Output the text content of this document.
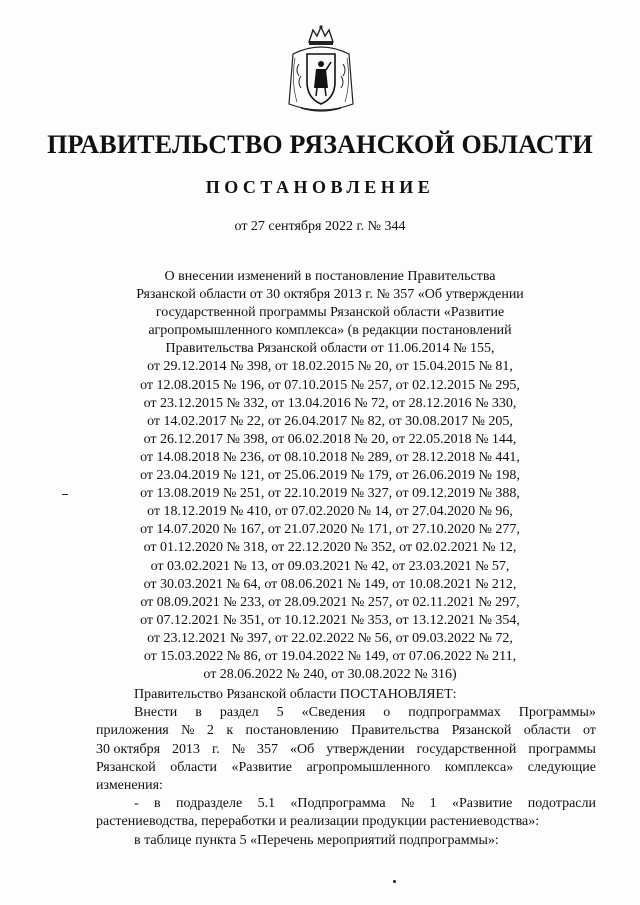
ПРАВИТЕЛЬСТВО РЯЗАНСКОЙ ОБЛАСТИ
ПОСТАНОВЛЕНИЕ
от 27 сентября 2022 г. № 344
О внесении изменений в постановление Правительства
Рязанской области от 30 октября 2013 г. № 357 «Об утверждении
государственной программы Рязанской области «Развитие
агропромышленного комплекса» (в редакции постановлений
Правительства Рязанской области от 11.06.2014 № 155,
от 29.12.2014 № 398, от 18.02.2015 № 20, от 15.04.2015 № 81,
от 12.08.2015 № 196, от 07.10.2015 № 257, от 02.12.2015 № 295,
от 23.12.2015 № 332, от 13.04.2016 № 72, от 28.12.2016 № 330,
от 14.02.2017 № 22, от 26.04.2017 № 82, от 30.08.2017 № 205,
от 26.12.2017 № 398, от 06.02.2018 № 20, от 22.05.2018 № 144,
от 14.08.2018 № 236, от 08.10.2018 № 289, от 28.12.2018 № 441,
от 23.04.2019 № 121, от 25.06.2019 № 179, от 26.06.2019 № 198,
от 13.08.2019 № 251, от 22.10.2019 № 327, от 09.12.2019 № 388,
от 18.12.2019 № 410, от 07.02.2020 № 14, от 27.04.2020 № 96,
от 14.07.2020 № 167, от 21.07.2020 № 171, от 27.10.2020 № 277,
от 01.12.2020 № 318, от 22.12.2020 № 352, от 02.02.2021 № 12,
от 03.02.2021 № 13, от 09.03.2021 № 42, от 23.03.2021 № 57,
от 30.03.2021 № 64, от 08.06.2021 № 149, от 10.08.2021 № 212,
от 08.09.2021 № 233, от 28.09.2021 № 257, от 02.11.2021 № 297,
от 07.12.2021 № 351, от 10.12.2021 № 353, от 13.12.2021 № 354,
от 23.12.2021 № 397, от 22.02.2022 № 56, от 09.03.2022 № 72,
от 15.03.2022 № 86, от 19.04.2022 № 149, от 07.06.2022 № 211,
от 28.06.2022 № 240, от 30.08.2022 № 316)
Правительство Рязанской области ПОСТАНОВЛЯЕТ:
Внести в раздел 5 «Сведения о подпрограммах Программы»
приложения № 2 к постановлению Правительства Рязанской области от
30 октября 2013 г. № 357 «Об утверждении государственной программы
Рязанской области «Развитие агропромышленного комплекса» следующие
изменения:
- в подразделе 5.1 «Подпрограмма № 1 «Развитие подотрасли
растениеводства, переработки и реализации продукции растениеводства»:
в таблице пункта 5 «Перечень мероприятий подпрограммы»:
